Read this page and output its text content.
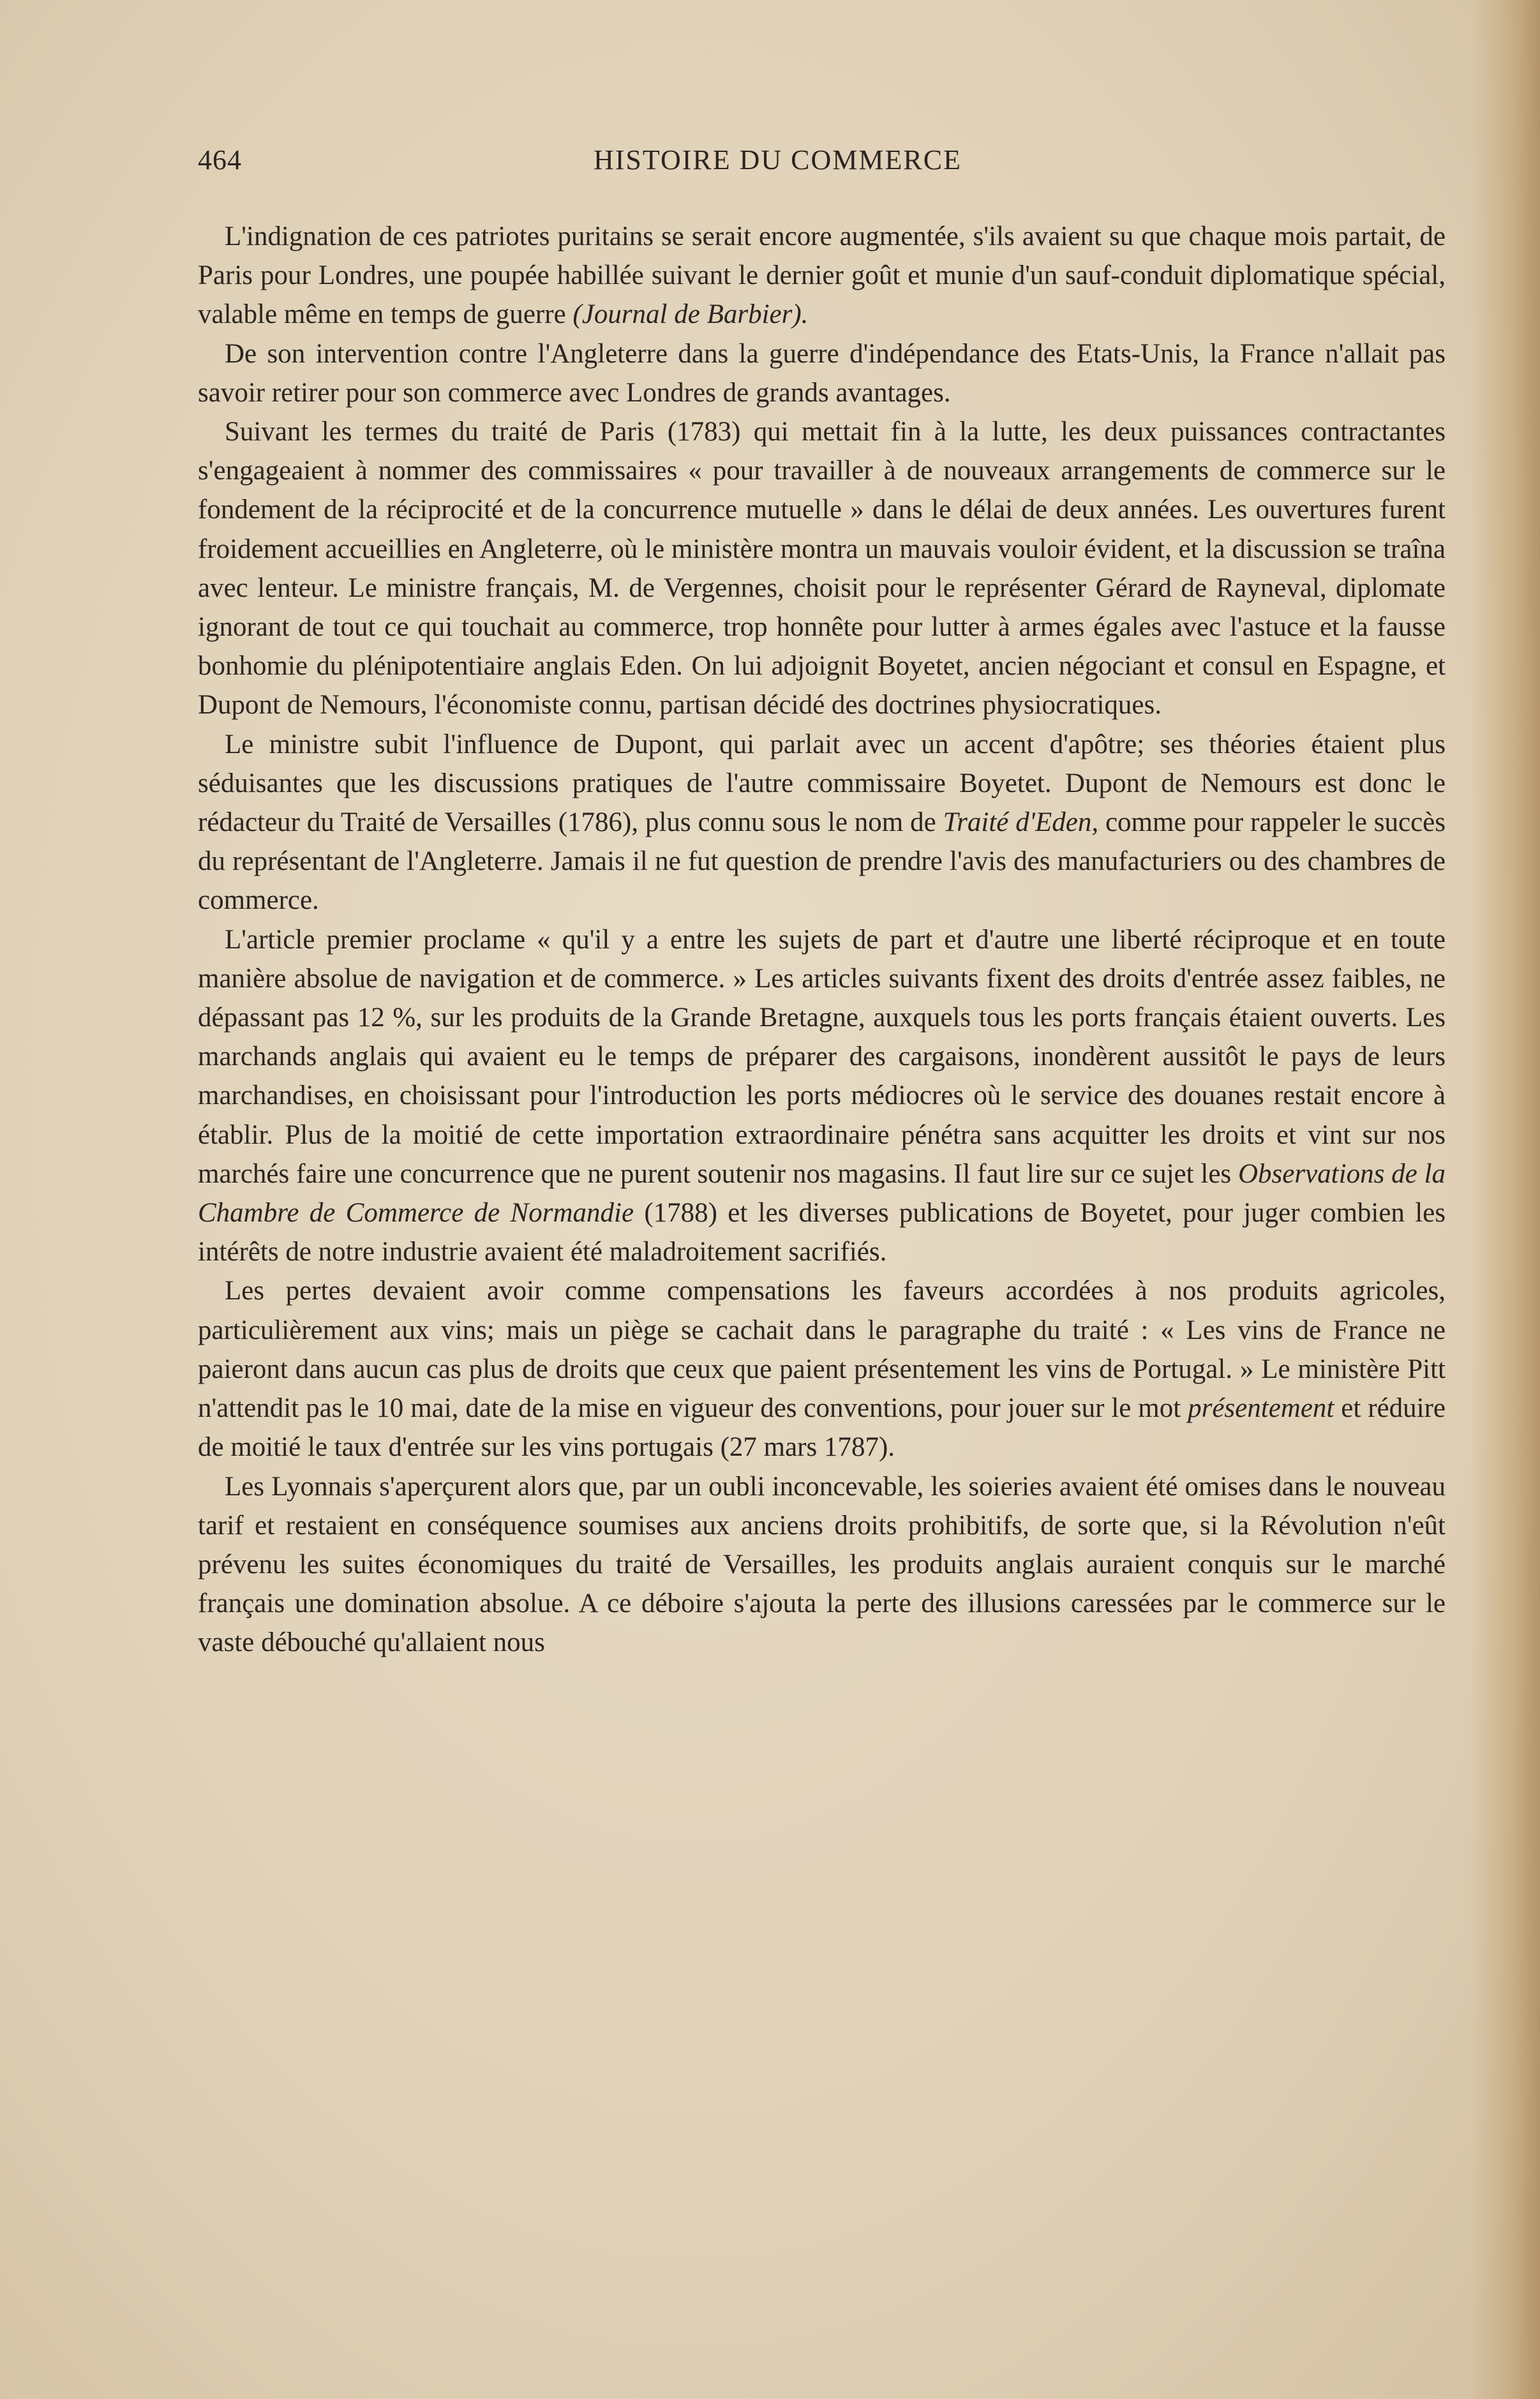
464	HISTOIRE DU COMMERCE

L'indignation de ces patriotes puritains se serait encore augmentée, s'ils avaient su que chaque mois partait, de Paris pour Londres, une poupée habillée suivant le dernier goût et munie d'un sauf-conduit diplomatique spécial, valable même en temps de guerre (Journal de Barbier).

De son intervention contre l'Angleterre dans la guerre d'indépendance des Etats-Unis, la France n'allait pas savoir retirer pour son commerce avec Londres de grands avantages.

Suivant les termes du traité de Paris (1783) qui mettait fin à la lutte, les deux puissances contractantes s'engageaient à nommer des commissaires « pour travailler à de nouveaux arrangements de commerce sur le fondement de la réciprocité et de la concurrence mutuelle » dans le délai de deux années. Les ouvertures furent froidement accueillies en Angleterre, où le ministère montra un mauvais vouloir évident, et la discussion se traîna avec lenteur. Le ministre français, M. de Vergennes, choisit pour le représenter Gérard de Rayneval, diplomate ignorant de tout ce qui touchait au commerce, trop honnête pour lutter à armes égales avec l'astuce et la fausse bonhomie du plénipotentiaire anglais Eden. On lui adjoignit Boyetet, ancien négociant et consul en Espagne, et Dupont de Nemours, l'économiste connu, partisan décidé des doctrines physiocratiques.

Le ministre subit l'influence de Dupont, qui parlait avec un accent d'apôtre; ses théories étaient plus séduisantes que les discussions pratiques de l'autre commissaire Boyetet. Dupont de Nemours est donc le rédacteur du Traité de Versailles (1786), plus connu sous le nom de Traité d'Eden, comme pour rappeler le succès du représentant de l'Angleterre. Jamais il ne fut question de prendre l'avis des manufacturiers ou des chambres de commerce.

L'article premier proclame « qu'il y a entre les sujets de part et d'autre une liberté réciproque et en toute manière absolue de navigation et de commerce. » Les articles suivants fixent des droits d'entrée assez faibles, ne dépassant pas 12 %, sur les produits de la Grande Bretagne, auxquels tous les ports français étaient ouverts. Les marchands anglais qui avaient eu le temps de préparer des cargaisons, inondèrent aussitôt le pays de leurs marchandises, en choisissant pour l'introduction les ports médiocres où le service des douanes restait encore à établir. Plus de la moitié de cette importation extraordinaire pénétra sans acquitter les droits et vint sur nos marchés faire une concurrence que ne purent soutenir nos magasins. Il faut lire sur ce sujet les Observations de la Chambre de Commerce de Normandie (1788) et les diverses publications de Boyetet, pour juger combien les intérêts de notre industrie avaient été maladroitement sacrifiés.

Les pertes devaient avoir comme compensations les faveurs accordées à nos produits agricoles, particulièrement aux vins; mais un piège se cachait dans le paragraphe du traité : « Les vins de France ne paieront dans aucun cas plus de droits que ceux que paient présentement les vins de Portugal. » Le ministère Pitt n'attendit pas le 10 mai, date de la mise en vigueur des conventions, pour jouer sur le mot présentement et réduire de moitié le taux d'entrée sur les vins portugais (27 mars 1787).

Les Lyonnais s'aperçurent alors que, par un oubli inconcevable, les soieries avaient été omises dans le nouveau tarif et restaient en conséquence soumises aux anciens droits prohibitifs, de sorte que, si la Révolution n'eût prévenu les suites économiques du traité de Versailles, les produits anglais auraient conquis sur le marché français une domination absolue. A ce déboire s'ajouta la perte des illusions caressées par le commerce sur le vaste débouché qu'allaient nous
